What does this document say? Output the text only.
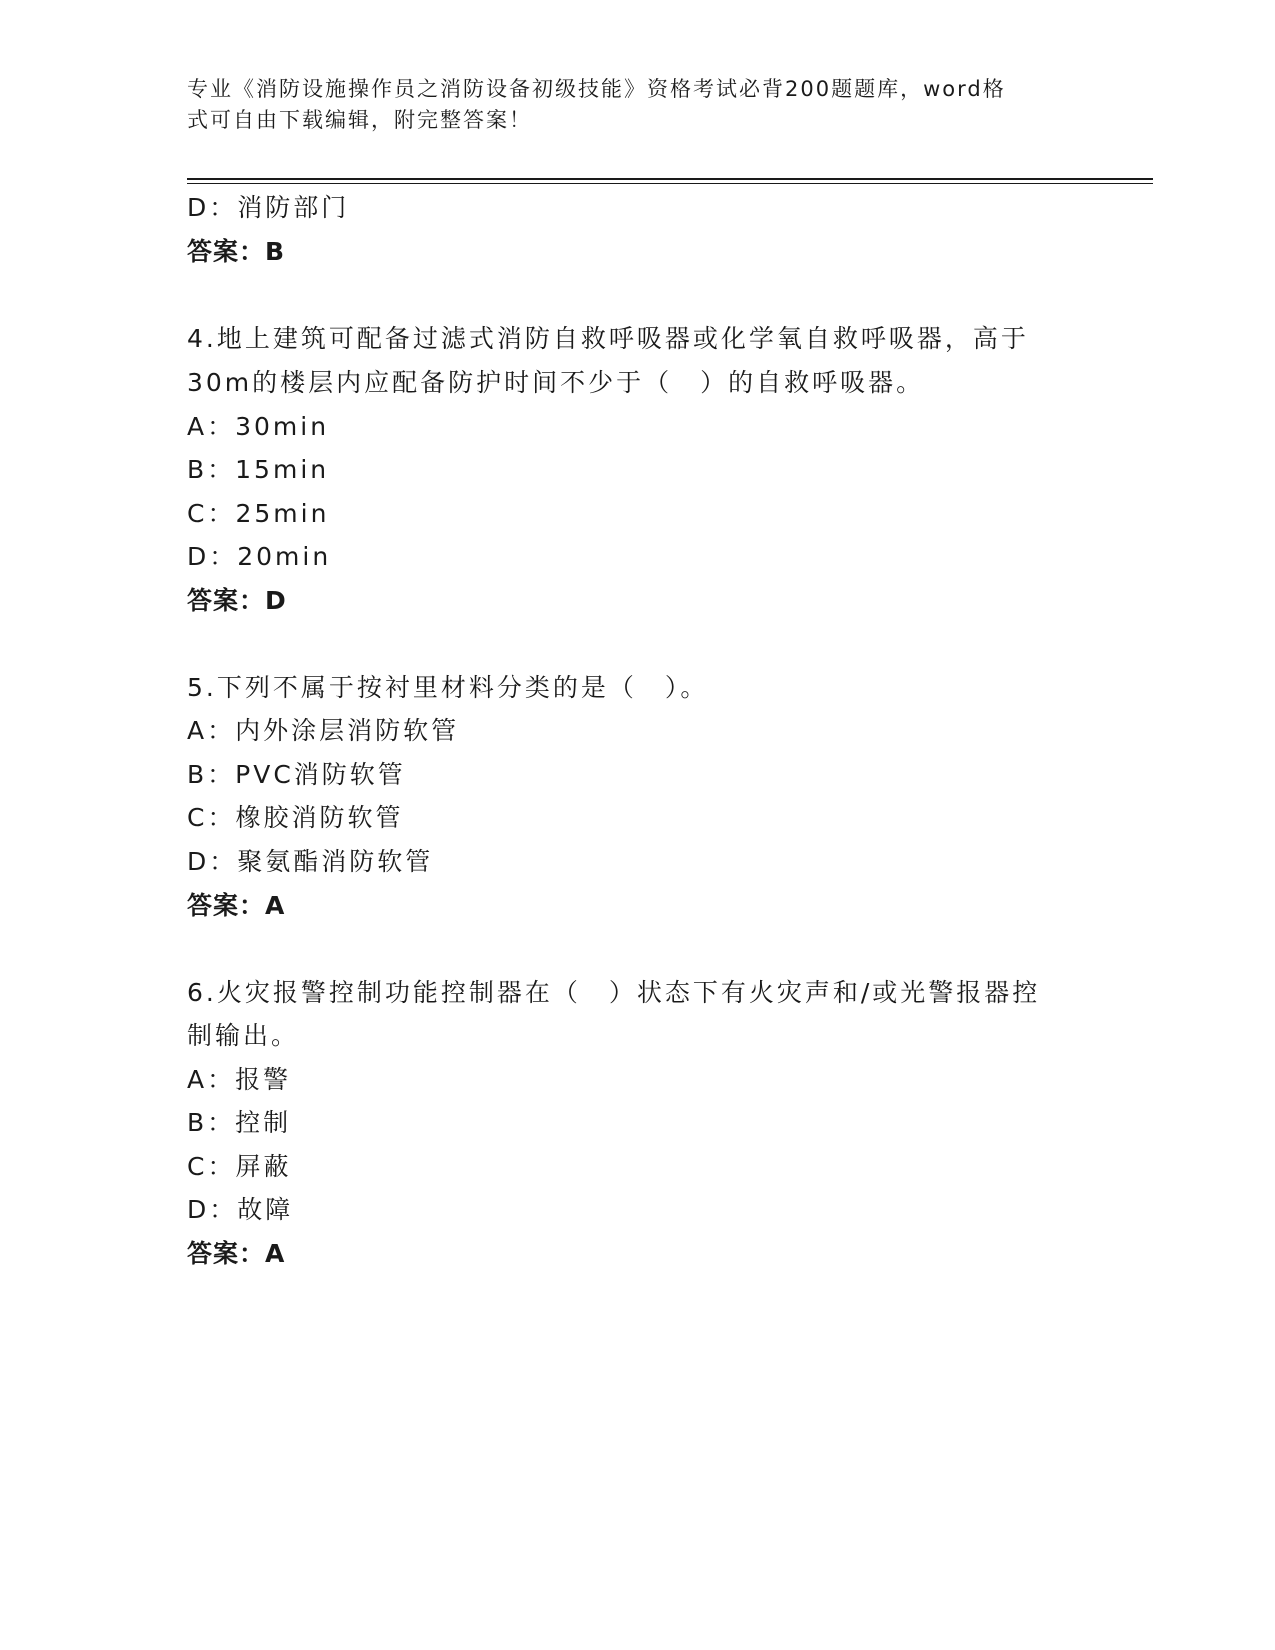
专业《消防设施操作员之消防设备初级技能》资格考试必背200题题库，word格
式可自由下载编辑，附完整答案！
D：消防部门
答案：B
4.地上建筑可配备过滤式消防自救呼吸器或化学氧自救呼吸器，高于
30m的楼层内应配备防护时间不少于（　）的自救呼吸器。
A：30min
B：15min
C：25min
D：20min
答案：D
5.下列不属于按衬里材料分类的是（　）。
A：内外涂层消防软管
B：PVC消防软管
C：橡胶消防软管
D：聚氨酯消防软管
答案：A
6.火灾报警控制功能控制器在（　）状态下有火灾声和/或光警报器控
制输出。
A：报警
B：控制
C：屏蔽
D：故障
答案：A
